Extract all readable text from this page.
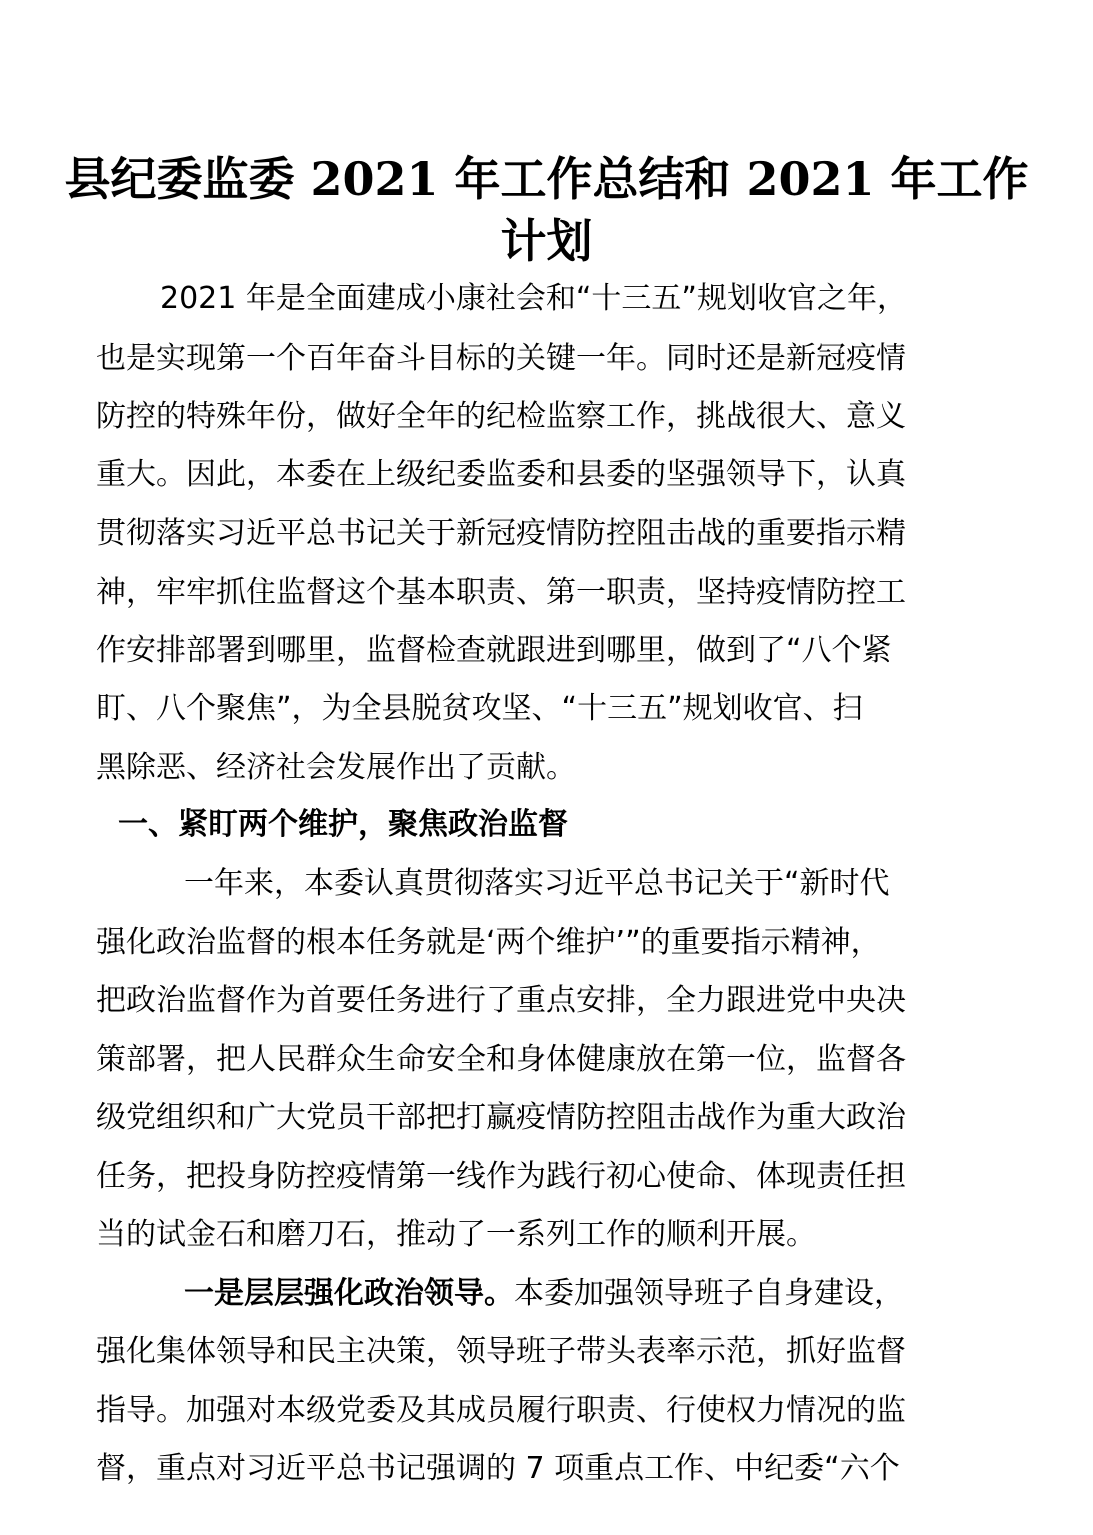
县纪委监委 2021 年工作总结和 2021 年工作
计划

2021 年是全面建成小康社会和“十三五”规划收官之年，

也是实现第一个百年奋斗目标的关键一年。同时还是新冠疫情

防控的特殊年份，做好全年的纪检监察工作，挑战很大、意义

重大。因此，本委在上级纪委监委和县委的坚强领导下，认真

贯彻落实习近平总书记关于新冠疫情防控阻击战的重要指示精

神，牢牢抓住监督这个基本职责、第一职责，坚持疫情防控工

作安排部署到哪里，监督检查就跟进到哪里，做到了“八个紧

盯、八个聚焦”，为全县脱贫攻坚、“十三五”规划收官、扫

黑除恶、经济社会发展作出了贡献。

一、紧盯两个维护，聚焦政治监督

一年来，本委认真贯彻落实习近平总书记关于“新时代

强化政治监督的根本任务就是‘两个维护’”的重要指示精神，

把政治监督作为首要任务进行了重点安排，全力跟进党中央决

策部署，把人民群众生命安全和身体健康放在第一位，监督各

级党组织和广大党员干部把打赢疫情防控阻击战作为重大政治

任务，把投身防控疫情第一线作为践行初心使命、体现责任担

当的试金石和磨刀石，推动了一系列工作的顺利开展。

一是层层强化政治领导。本委加强领导班子自身建设，

强化集体领导和民主决策，领导班子带头表率示范，抓好监督

指导。加强对本级党委及其成员履行职责、行使权力情况的监

督，重点对习近平总书记强调的 7 项重点工作、中纪委“六个
